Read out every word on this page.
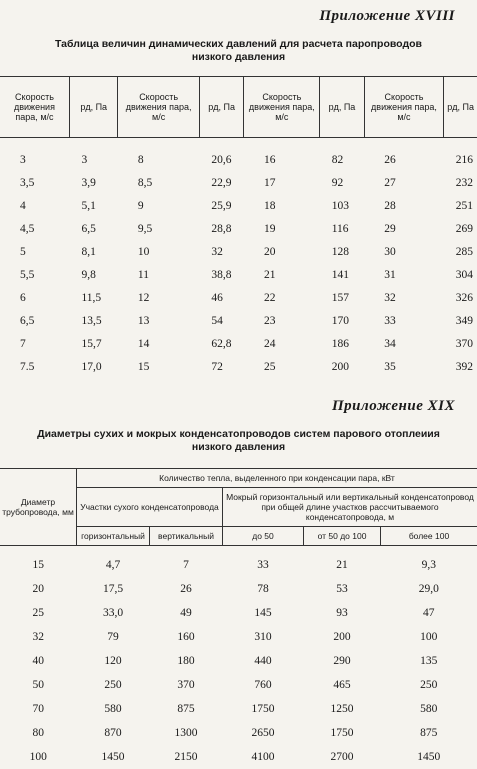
Приложение XVIII
Таблица величин динамических давлений для расчета паропроводов
низкого давления
Скорость движения пара, м/с	pд, Па	Скорость движения пара, м/с	pд, Па	Скорость движения пара, м/с	pд, Па	Скорость движения пара, м/с	pд, Па
3	3	8	20,6	16	82	26	216
3,5	3,9	8,5	22,9	17	92	27	232
4	5,1	9	25,9	18	103	28	251
4,5	6,5	9,5	28,8	19	116	29	269
5	8,1	10	32	20	128	30	285
5,5	9,8	11	38,8	21	141	31	304
6	11,5	12	46	22	157	32	326
6,5	13,5	13	54	23	170	33	349
7	15,7	14	62,8	24	186	34	370
7.5	17,0	15	72	25	200	35	392
Приложение XIX
Диаметры сухих и мокрых конденсатопроводов систем парового отоплеиия
низкого давления
Диаметр трубопровода, мм	Количество тепла, выделенного при конденсации пара, кВт				
	Участки сухого конденсатопровода		Мокрый горизонтальный или вертикальный конденсатопровод при общей длине участков рассчитываемого конденсатопровода, м		
	горизонтальный	вертикальный	до 50	от 50 до 100	более 100
15	4,7	7	33	21	9,3
20	17,5	26	78	53	29,0
25	33,0	49	145	93	47
32	79	160	310	200	100
40	120	180	440	290	135
50	250	370	760	465	250
70	580	875	1750	1250	580
80	870	1300	2650	1750	875
100	1450	2150	4100	2700	1450
